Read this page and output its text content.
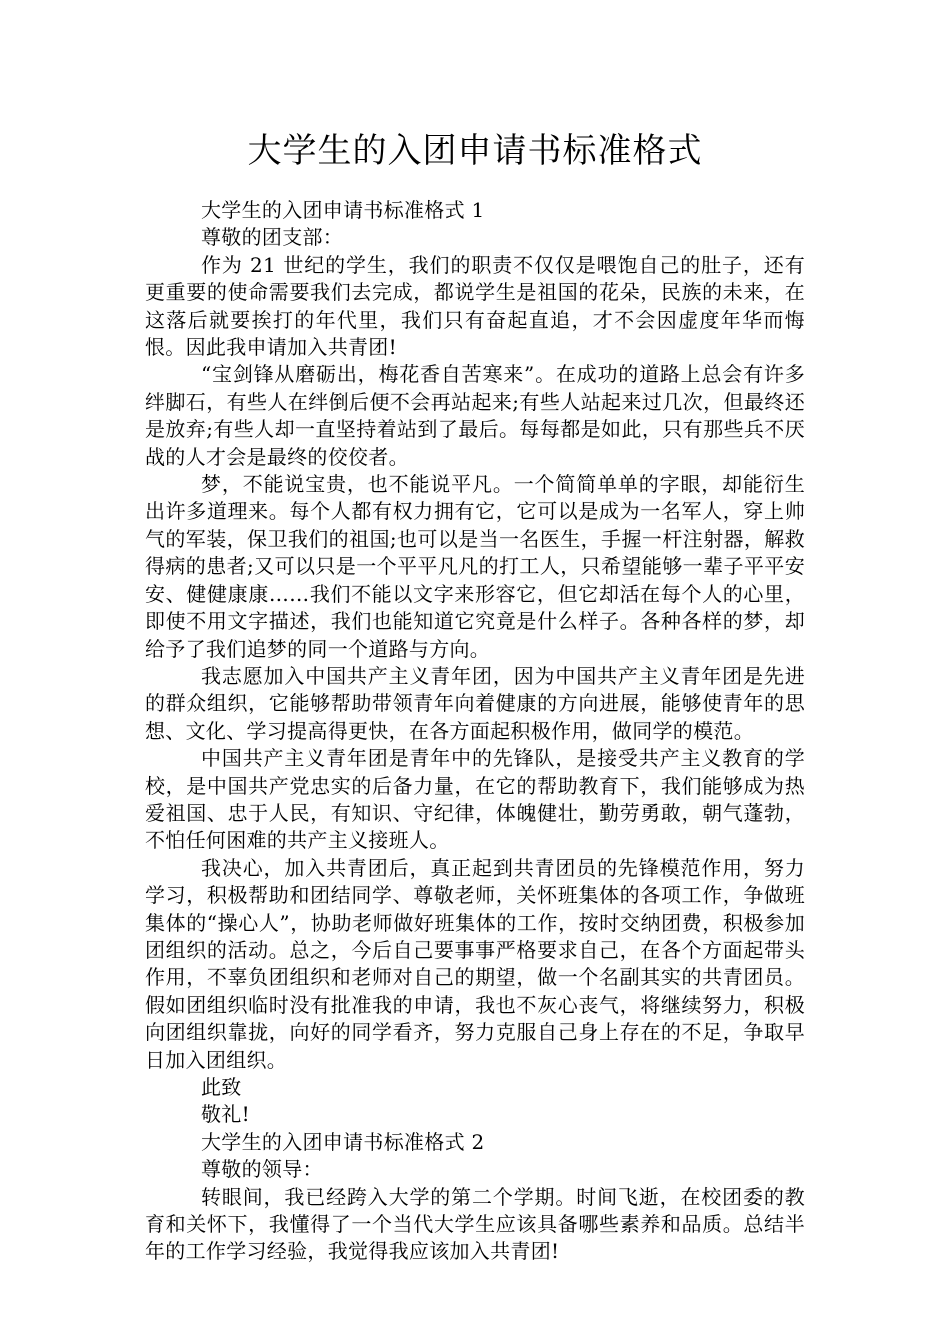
大学生的入团申请书标准格式

大学生的入团申请书标准格式 1

尊敬的团支部：

作为 21 世纪的学生，我们的职责不仅仅是喂饱自己的肚子，还有更重要的使命需要我们去完成，都说学生是祖国的花朵，民族的未来，在这落后就要挨打的年代里，我们只有奋起直追，才不会因虚度年华而悔恨。因此我申请加入共青团!

“宝剑锋从磨砺出，梅花香自苦寒来”。在成功的道路上总会有许多绊脚石，有些人在绊倒后便不会再站起来;有些人站起来过几次，但最终还是放弃;有些人却一直坚持着站到了最后。每每都是如此，只有那些兵不厌战的人才会是最终的佼佼者。

梦，不能说宝贵，也不能说平凡。一个简简单单的字眼，却能衍生出许多道理来。每个人都有权力拥有它，它可以是成为一名军人，穿上帅气的军装，保卫我们的祖国;也可以是当一名医生，手握一杆注射器，解救得病的患者;又可以只是一个平平凡凡的打工人，只希望能够一辈子平平安安、健健康康……我们不能以文字来形容它，但它却活在每个人的心里，即使不用文字描述，我们也能知道它究竟是什么样子。各种各样的梦，却给予了我们追梦的同一个道路与方向。

我志愿加入中国共产主义青年团，因为中国共产主义青年团是先进的群众组织，它能够帮助带领青年向着健康的方向进展，能够使青年的思想、文化、学习提高得更快，在各方面起积极作用，做同学的模范。

中国共产主义青年团是青年中的先锋队，是接受共产主义教育的学校，是中国共产党忠实的后备力量，在它的帮助教育下，我们能够成为热爱祖国、忠于人民，有知识、守纪律，体魄健壮，勤劳勇敢，朝气蓬勃，不怕任何困难的共产主义接班人。

我决心，加入共青团后，真正起到共青团员的先锋模范作用，努力学习，积极帮助和团结同学、尊敬老师，关怀班集体的各项工作，争做班集体的“操心人”，协助老师做好班集体的工作，按时交纳团费，积极参加团组织的活动。总之，今后自己要事事严格要求自己，在各个方面起带头作用，不辜负团组织和老师对自己的期望，做一个名副其实的共青团员。假如团组织临时没有批准我的申请，我也不灰心丧气，将继续努力，积极向团组织靠拢，向好的同学看齐，努力克服自己身上存在的不足，争取早日加入团组织。

此致

敬礼!

大学生的入团申请书标准格式 2

尊敬的领导：

转眼间，我已经跨入大学的第二个学期。时间飞逝，在校团委的教育和关怀下，我懂得了一个当代大学生应该具备哪些素养和品质。总结半年的工作学习经验，我觉得我应该加入共青团!
